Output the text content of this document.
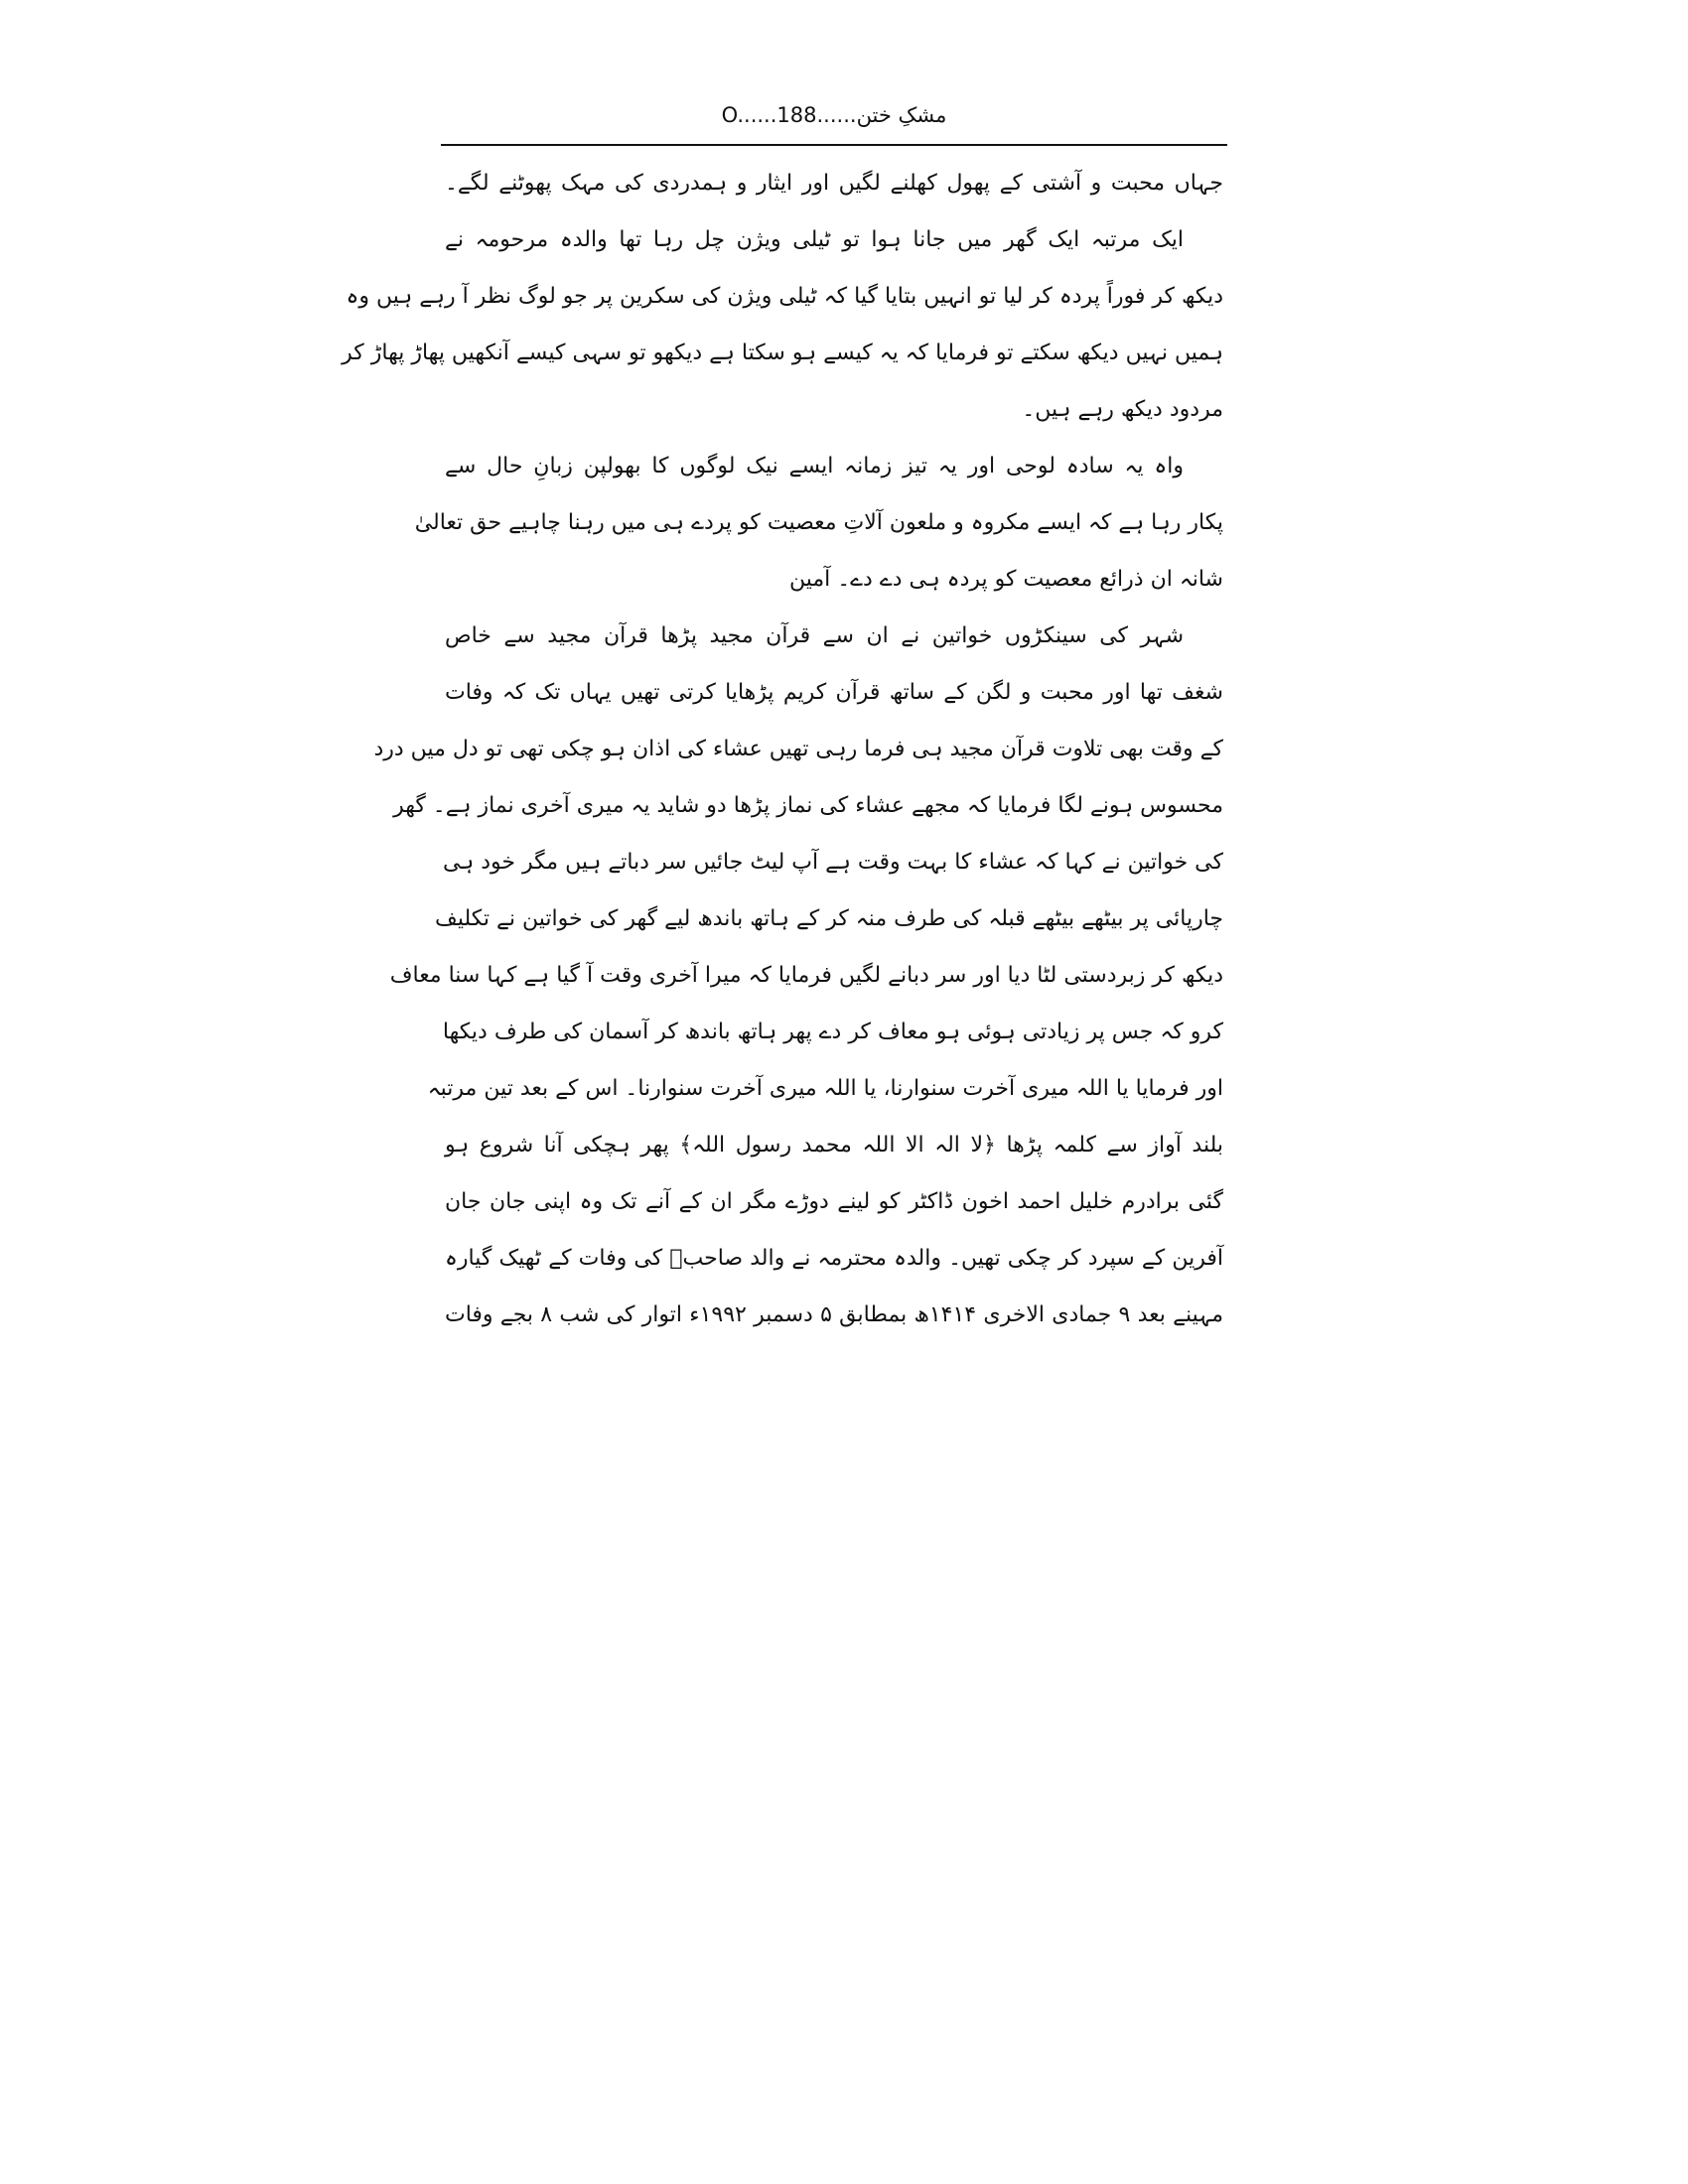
مشکِ ختن......O......188
جہاں محبت و آشتی کے پھول کھلنے لگیں اور ایثار و ہمدردی کی مہک پھوٹنے لگے۔
ایک مرتبہ ایک گھر میں جانا ہوا تو ٹیلی ویژن چل رہا تھا والدہ مرحومہ نے
دیکھ کر فوراً پردہ کر لیا تو انہیں بتایا گیا کہ ٹیلی ویژن کی سکرین پر جو لوگ نظر آ رہے ہیں وہ
ہمیں نہیں دیکھ سکتے تو فرمایا کہ یہ کیسے ہو سکتا ہے دیکھو تو سہی کیسے آنکھیں پھاڑ پھاڑ کر
مردود دیکھ رہے ہیں۔
واہ یہ سادہ لوحی اور یہ تیز زمانہ ایسے نیک لوگوں کا بھولپن زبانِ حال سے
پکار رہا ہے کہ ایسے مکروہ و ملعون آلاتِ معصیت کو پردے ہی میں رہنا چاہیے حق تعالیٰ
شانہ ان ذرائع معصیت کو پردہ ہی دے دے۔ آمین
شہر کی سینکڑوں خواتین نے ان سے قرآن مجید پڑھا قرآن مجید سے خاص
شغف تھا اور محبت و لگن کے ساتھ قرآن کریم پڑھایا کرتی تھیں یہاں تک کہ وفات
کے وقت بھی تلاوت قرآن مجید ہی فرما رہی تھیں عشاء کی اذان ہو چکی تھی تو دل میں درد
محسوس ہونے لگا فرمایا کہ مجھے عشاء کی نماز پڑھا دو شاید یہ میری آخری نماز ہے۔ گھر
کی خواتین نے کہا کہ عشاء کا بہت وقت ہے آپ لیٹ جائیں سر دباتے ہیں مگر خود ہی
چارپائی پر بیٹھے بیٹھے قبلہ کی طرف منہ کر کے ہاتھ باندھ لیے گھر کی خواتین نے تکلیف
دیکھ کر زبردستی لٹا دیا اور سر دبانے لگیں فرمایا کہ میرا آخری وقت آ گیا ہے کہا سنا معاف
کرو کہ جس پر زیادتی ہوئی ہو معاف کر دے پھر ہاتھ باندھ کر آسمان کی طرف دیکھا
اور فرمایا یا اللہ میری آخرت سنوارنا، یا اللہ میری آخرت سنوارنا۔ اس کے بعد تین مرتبہ
بلند آواز سے کلمہ پڑھا ﴿لا الہ الا اللہ محمد رسول اللہ﴾ پھر ہچکی آنا شروع ہو
گئی برادرم خلیل احمد اخون ڈاکٹر کو لینے دوڑے مگر ان کے آنے تک وہ اپنی جان جان
آفرین کے سپرد کر چکی تھیں۔ والدہ محترمہ نے والد صاحبؒ کی وفات کے ٹھیک گیارہ
مہینے بعد ۹ جمادی الاخری ۱۴۱۴ھ بمطابق ۵ دسمبر ۱۹۹۲ء اتوار کی شب ۸ بجے وفات
